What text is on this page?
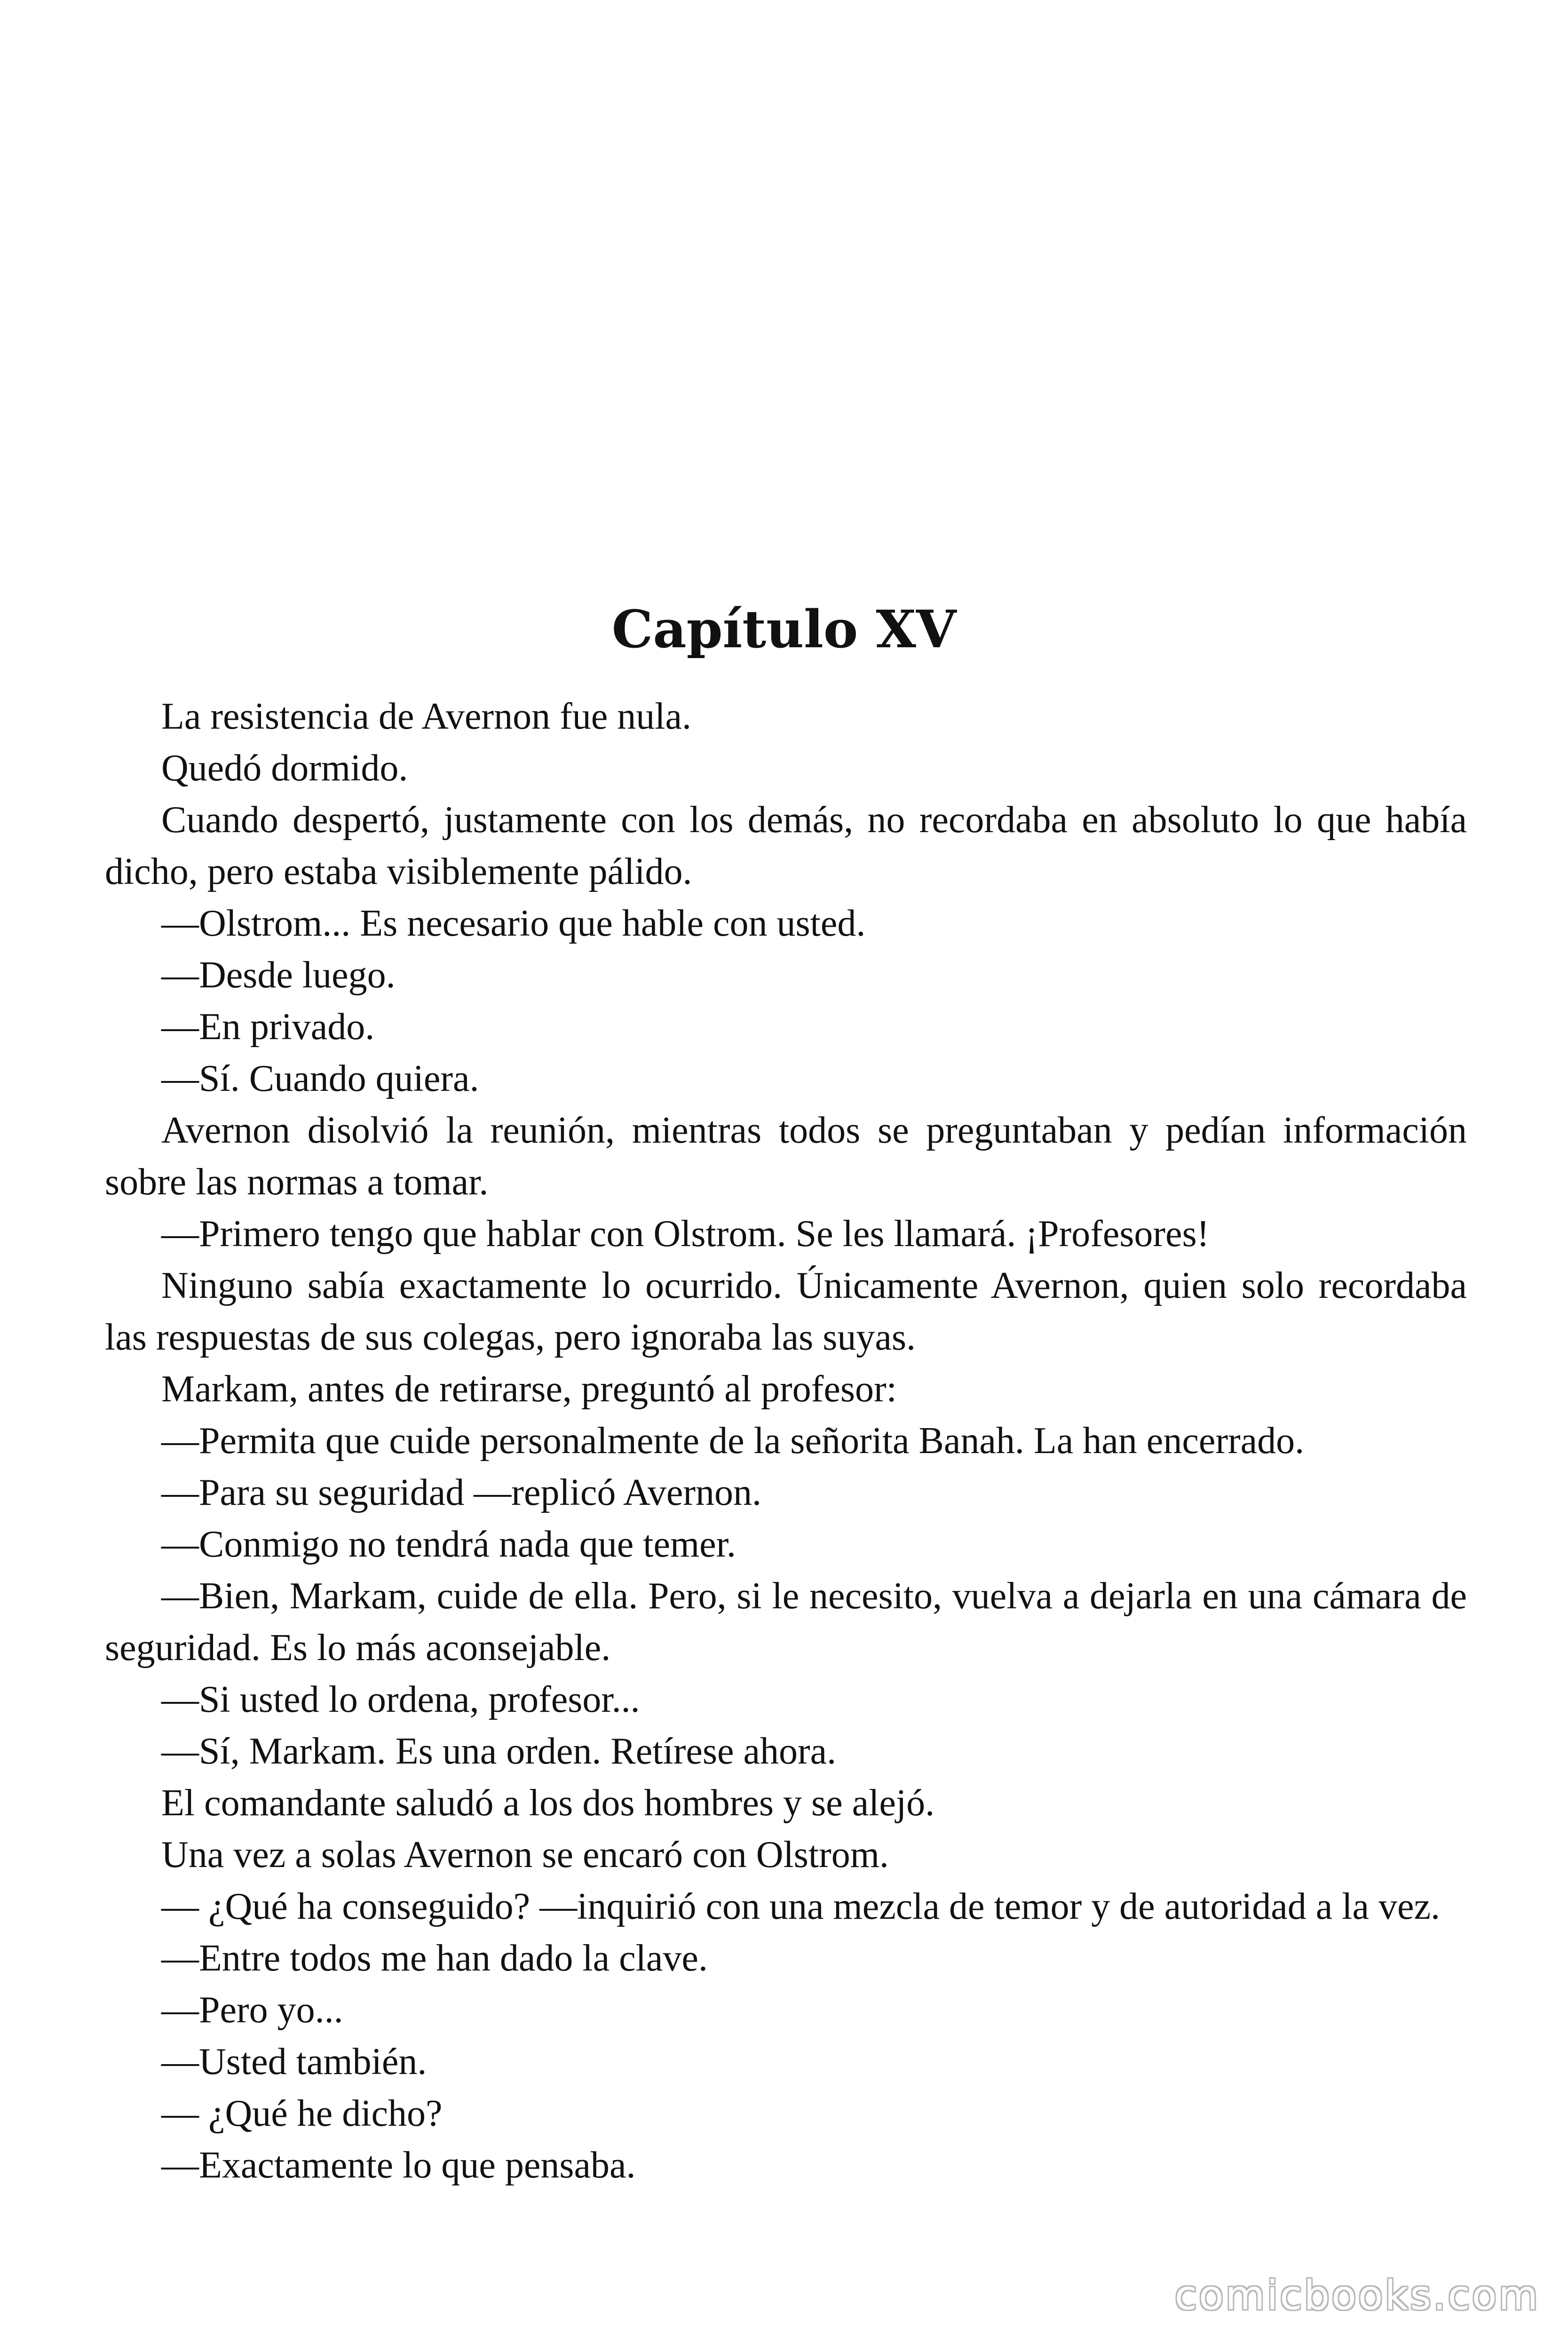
Capítulo XV

La resistencia de Avernon fue nula.

Quedó dormido.

Cuando despertó, justamente con los demás, no recordaba en absoluto lo que había dicho, pero estaba visiblemente pálido.

—Olstrom... Es necesario que hable con usted.

—Desde luego.

—En privado.

—Sí. Cuando quiera.

Avernon disolvió la reunión, mientras todos se preguntaban y pedían información sobre las normas a tomar.

—Primero tengo que hablar con Olstrom. Se les llamará. ¡Profesores!

Ninguno sabía exactamente lo ocurrido. Únicamente Avernon, quien solo recordaba las respuestas de sus colegas, pero ignoraba las suyas.

Markam, antes de retirarse, preguntó al profesor:

—Permita que cuide personalmente de la señorita Banah. La han encerrado.

—Para su seguridad —replicó Avernon.

—Conmigo no tendrá nada que temer.

—Bien, Markam, cuide de ella. Pero, si le necesito, vuelva a dejarla en una cámara de seguridad. Es lo más aconsejable.

—Si usted lo ordena, profesor...

—Sí, Markam. Es una orden. Retírese ahora.

El comandante saludó a los dos hombres y se alejó.

Una vez a solas Avernon se encaró con Olstrom.

— ¿Qué ha conseguido? —inquirió con una mezcla de temor y de autoridad a la vez.

—Entre todos me han dado la clave.

—Pero yo...

—Usted también.

— ¿Qué he dicho?

—Exactamente lo que pensaba.

comicbooks.com
